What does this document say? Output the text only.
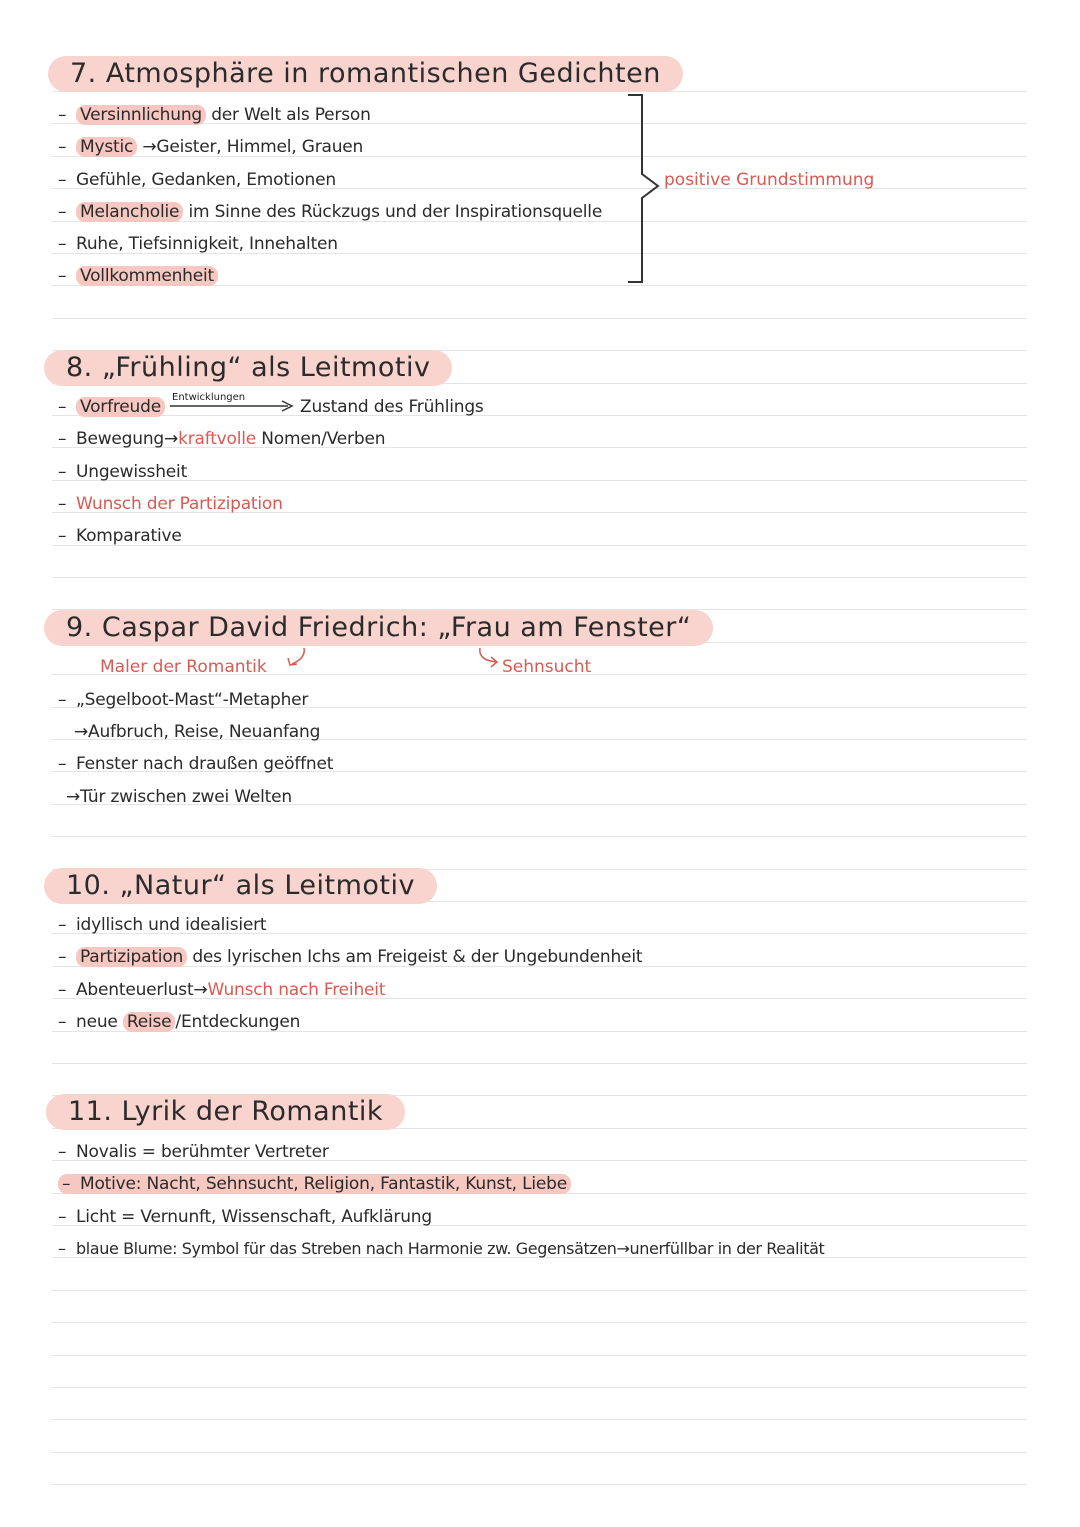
7. Atmosphäre in romantischen Gedichten
– Versinnlichung der Welt als Person
– Mystic →Geister, Himmel, Grauen
– Gefühle, Gedanken, Emotionen
– Melancholie im Sinne des Rückzugs und der Inspirationsquelle
– Ruhe, Tiefsinnigkeit, Innehalten
– Vollkommenheit
positive Grundstimmung
8. „Frühling“ als Leitmotiv
– Vorfreude	Entwicklungen	Zustand des Frühlings
– Bewegung→kraftvolle Nomen/Verben
– Ungewissheit
– Wunsch der Partizipation
– Komparative
9. Caspar David Friedrich: „Frau am Fenster“
Maler der Romantik	Sehnsucht
– „Segelboot-Mast“-Metapher
→Aufbruch, Reise, Neuanfang
– Fenster nach draußen geöffnet
→Tür zwischen zwei Welten
10. „Natur“ als Leitmotiv
– idyllisch und idealisiert
– Partizipation des lyrischen Ichs am Freigeist & der Ungebundenheit
– Abenteuerlust→Wunsch nach Freiheit
– neue Reise /Entdeckungen
11. Lyrik der Romantik
– Novalis = berühmter Vertreter
– Motive: Nacht, Sehnsucht, Religion, Fantastik, Kunst, Liebe
– Licht = Vernunft, Wissenschaft, Aufklärung
– blaue Blume: Symbol für das Streben nach Harmonie zw. Gegensätzen→unerfüllbar in der Realität
